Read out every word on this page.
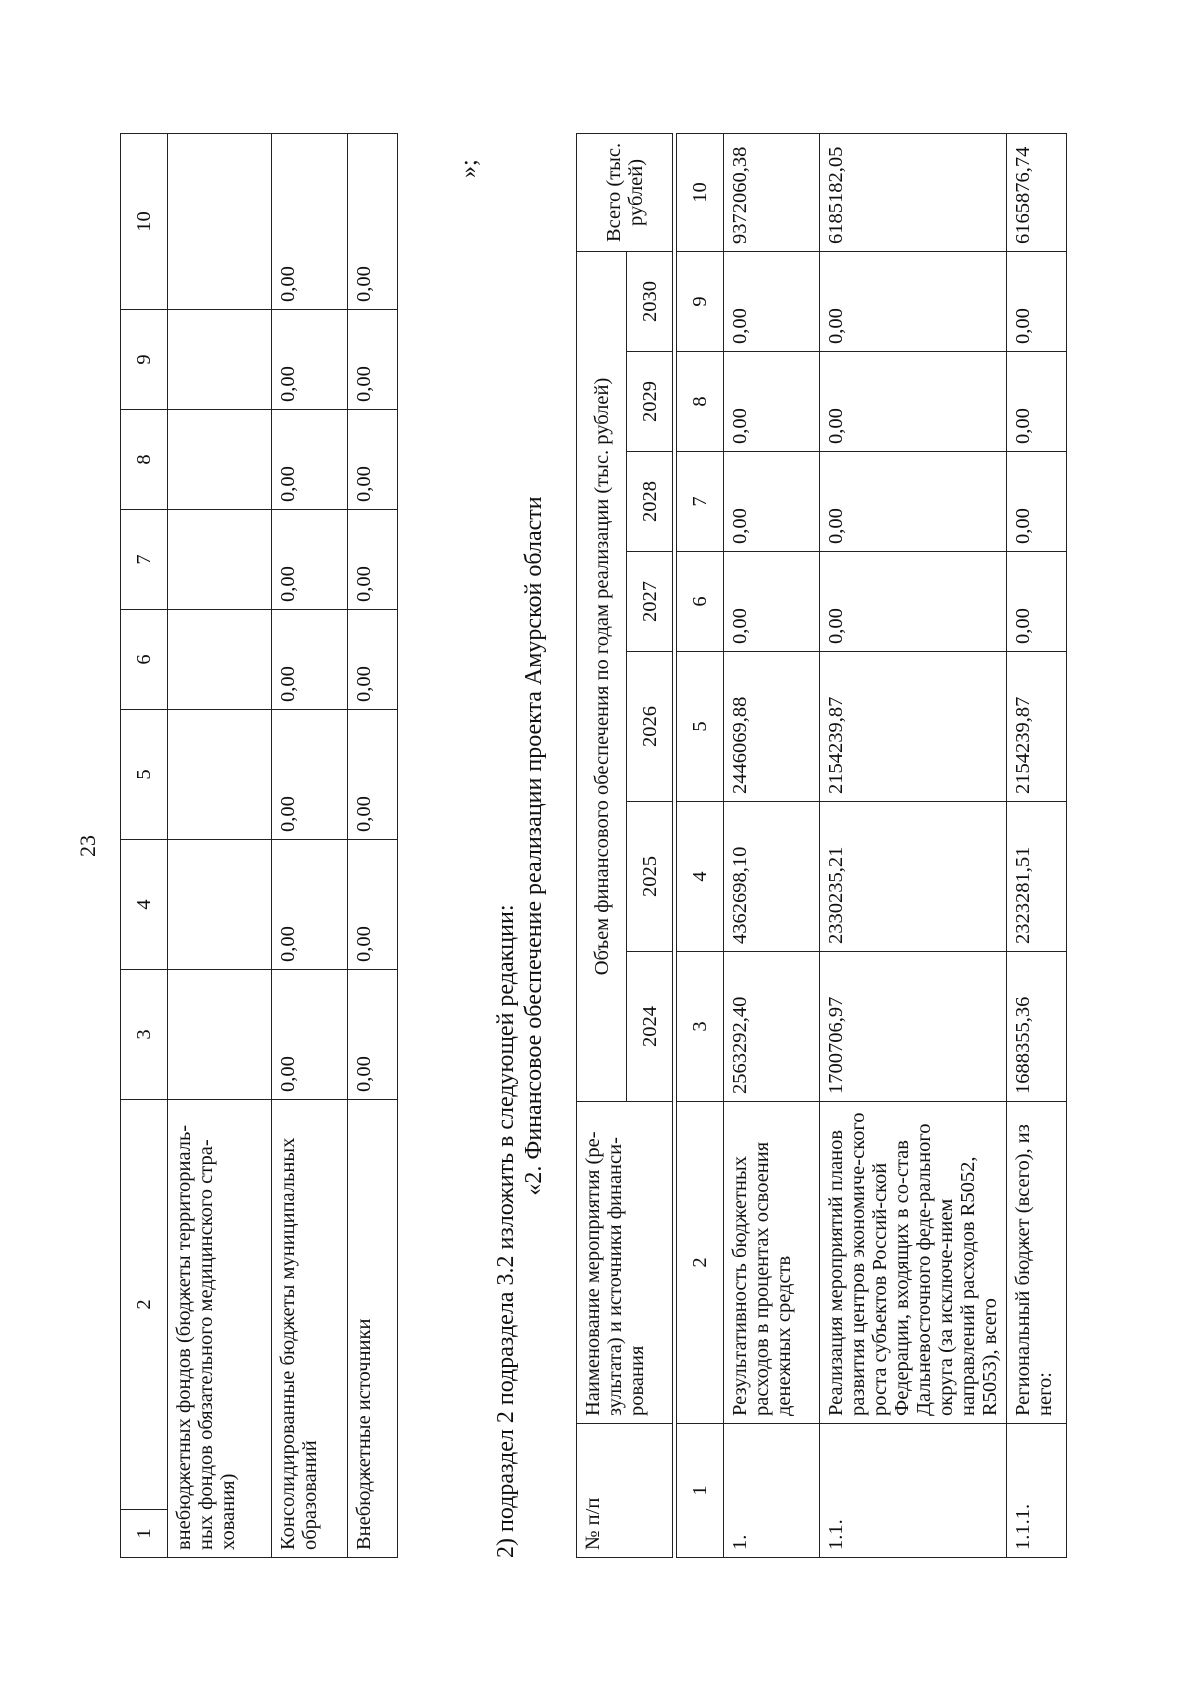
23
1	2	3	4	5	6	7	8	9	10
внебюджетных фондов (бюджеты территориаль-ных фондов обязательного медицинского стра-хования)									
Консолидированные бюджеты муниципальных образований		0,00	0,00	0,00	0,00	0,00	0,00	0,00	0,00
Внебюджетные источники		0,00	0,00	0,00	0,00	0,00	0,00	0,00	0,00
»;
2) подраздел 2 подраздела 3.2 изложить в следующей редакции:
«2. Финансовое обеспечение реализации проекта Амурской области
№ п/п	Наименование мероприятия (ре-зультата) и источники финанси-рования	Объем финансового обеспечения по годам реализации (тыс. рублей)							Всего (тыс. рублей)
		2024	2025	2026	2027	2028	2029	2030	
1	2	3	4	5	6	7	8	9	10
1.	Результативность бюджетных расходов в процентах освоения денежных средств	2563292,40	4362698,10	2446069,88	0,00	0,00	0,00	0,00	9372060,38
1.1.	Реализация мероприятий планов развития центров экономиче-ского роста субъектов Россий-ской Федерации, входящих в со-став Дальневосточного феде-рального округа (за исключе-нием направлений расходов R5052, R5053), всего	1700706,97	2330235,21	2154239,87	0,00	0,00	0,00	0,00	6185182,05
1.1.1.	Региональный бюджет (всего), из него:	1688355,36	2323281,51	2154239,87	0,00	0,00	0,00	0,00	6165876,74
